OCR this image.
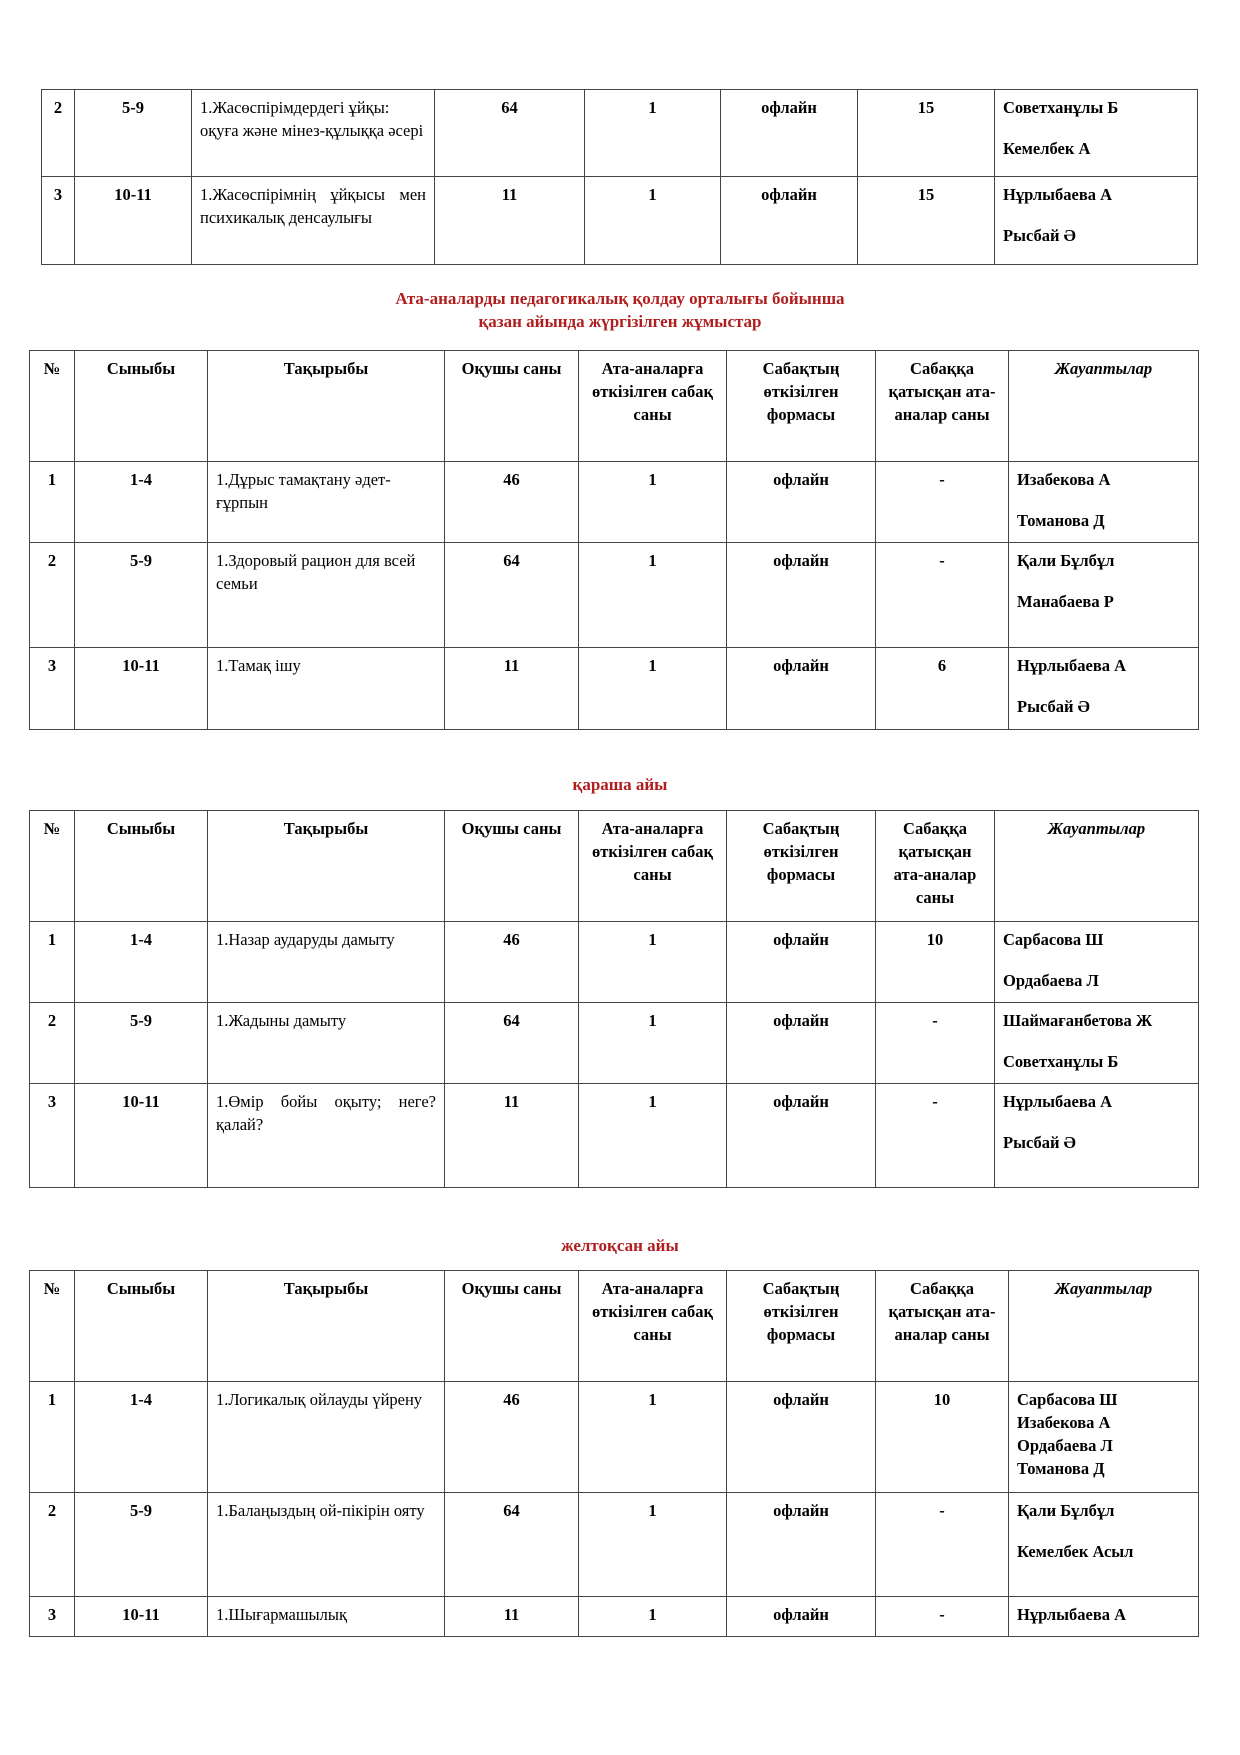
2	5-9	1.Жасөспірімдердегі ұйқы: оқуға және мінез-құлыққа әсері	64	1	офлайн	15	Советханұлы Б
Кемелбек А

3	10-11	1.Жасөспірімнің ұйқысы мен психикалық денсаулығы	11	1	офлайн	15	Нұрлыбаева А
Рысбай Ә
Ата-аналарды педагогикалық қолдау орталығы бойынша
қазан айында жүргізілген жұмыстар
№	Сыныбы	Тақырыбы	Оқушы саны	Ата-аналарға өткізілген сабақ саны	Сабақтың өткізілген формасы	Сабаққа қатысқан ата-аналар саны	Жауаптылар
1	1-4	1.Дұрыс тамақтану әдет-ғұрпын	46	1	офлайн	-	Изабекова А
Томанова Д

2	5-9	1.Здоровый рацион для всей семьи	64	1	офлайн	-	Қали Бұлбұл
Манабаева Р

3	10-11	1.Тамақ ішу	11	1	офлайн	6	Нұрлыбаева А
Рысбай Ә
қараша айы
№	Сыныбы	Тақырыбы	Оқушы саны	Ата-аналарға өткізілген сабақ саны	Сабақтың өткізілген формасы	Сабаққа қатысқан ата-аналар саны	Жауаптылар
1	1-4	1.Назар аударуды дамыту	46	1	офлайн	10	Сарбасова Ш
Ордабаева Л

2	5-9	1.Жадыны дамыту	64	1	офлайн	-	Шаймағанбетова Ж
Советханұлы Б

3	10-11	1.Өмір бойы оқыту; неге?қалай?	11	1	офлайн	-	Нұрлыбаева А
Рысбай Ә
желтоқсан айы
№	Сыныбы	Тақырыбы	Оқушы саны	Ата-аналарға өткізілген сабақ саны	Сабақтың өткізілген формасы	Сабаққа қатысқан ата-аналар саны	Жауаптылар
1	1-4	1.Логикалық ойлауды үйрену	46	1	офлайн	10	Сарбасова Ш
Изабекова А
Ордабаева Л
Томанова Д

2	5-9	1.Балаңыздың ой-пікірін ояту	64	1	офлайн	-	Қали Бұлбұл
Кемелбек Асыл

3	10-11	1.Шығармашылық	11	1	офлайн	-	Нұрлыбаева А
